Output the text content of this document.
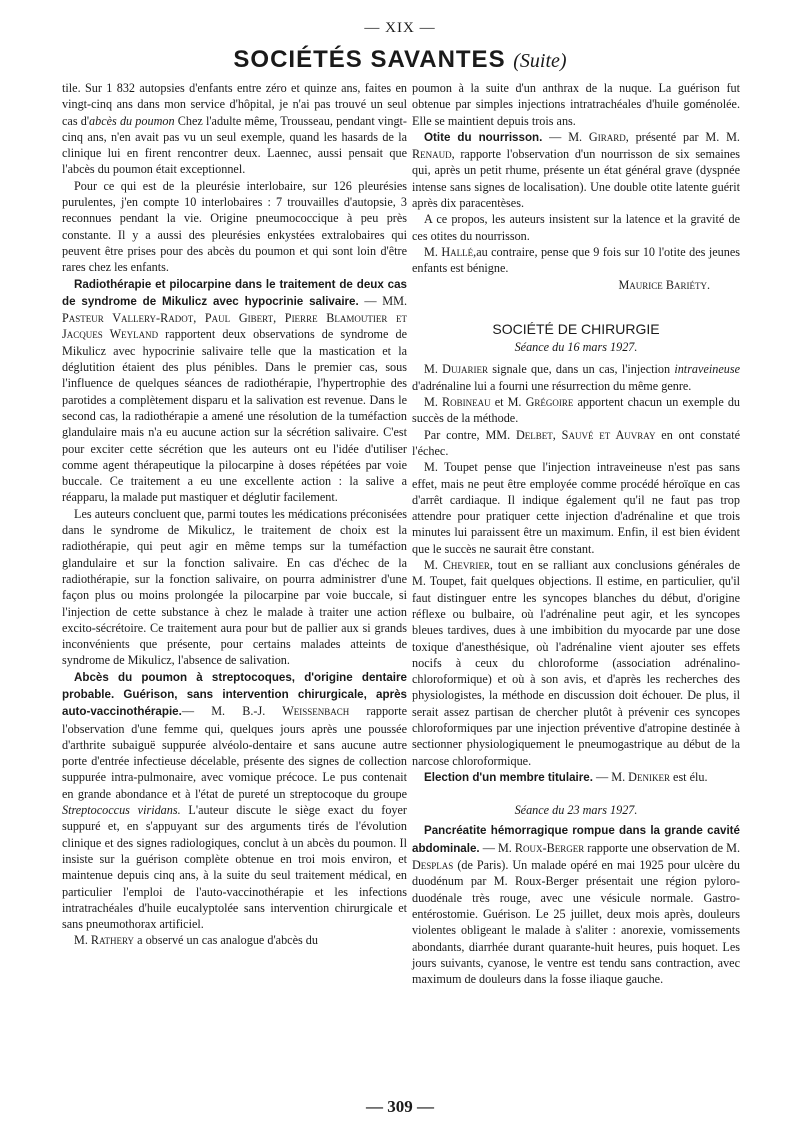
— XIX —
SOCIÉTÉS SAVANTES (Suite)

tile. Sur 1 832 autopsies d'enfants entre zéro et quinze ans, faites en vingt-cinq ans dans mon service d'hôpital, je n'ai pas trouvé un seul cas d'abcès du poumon Chez l'adulte même, Trousseau, pendant vingt-cinq ans, n'en avait pas vu un seul exemple, quand les hasards de la clinique lui en firent rencontrer deux. Laennec, aussi pensait que l'abcès du poumon était exceptionnel.

Pour ce qui est de la pleurésie interlobaire, sur 126 pleurésies purulentes, j'en compte 10 interlobaires : 7 trouvailles d'autopsie, 3 reconnues pendant la vie. Origine pneumococcique à peu près constante. Il y a aussi des pleurésies enkystées extralobaires qui peuvent être prises pour des abcès du poumon et qui sont loin d'être rares chez les enfants.

Radiothérapie et pilocarpine dans le traitement de deux cas de syndrome de Mikulicz avec hypocrinie salivaire. — MM. Pasteur Vallery-Radot, Paul Gibert, Pierre Blamoutier et Jacques Weyland rapportent deux observations de syndrome de Mikulicz avec hypocrinie salivaire telle que la mastication et la déglutition étaient des plus pénibles. Dans le premier cas, sous l'influence de quelques séances de radiothérapie, l'hypertrophie des parotides a complètement disparu et la salivation est revenue. Dans le second cas, la radiothérapie a amené une résolution de la tuméfaction glandulaire mais n'a eu aucune action sur la sécrétion salivaire. C'est pour exciter cette sécrétion que les auteurs ont eu l'idée d'utiliser comme agent thérapeutique la pilocarpine à doses répétées par voie buccale. Ce traitement a eu une excellente action : la salive a réapparu, la malade put mastiquer et déglutir facilement.

Les auteurs concluent que, parmi toutes les médications préconisées dans le syndrome de Mikulicz, le traitement de choix est la radiothérapie, qui peut agir en même temps sur la tuméfaction glandulaire et sur la fonction salivaire. En cas d'échec de la radiothérapie, sur la fonction salivaire, on pourra administrer d'une façon plus ou moins prolongée la pilocarpine par voie buccale, si l'injection de cette substance à chez le malade à traiter une action excito-sécrétoire. Ce traitement aura pour but de pallier aux si grands inconvénients que présente, pour certains malades atteints de syndrome de Mikulicz, l'absence de salivation.

Abcès du poumon à streptocoques, d'origine dentaire probable. Guérison, sans intervention chirurgicale, après auto-vaccinothérapie.— M. B.-J. Weissenbach rapporte l'observation d'une femme qui, quelques jours après une poussée d'arthrite subaiguë suppurée alvéolo-dentaire et sans aucune autre porte d'entrée infectieuse décelable, présente des signes de collection suppurée intra-pulmonaire, avec vomique précoce. Le pus contenait en grande abondance et à l'état de pureté un streptocoque du groupe Streptococcus viridans. L'auteur discute le siège exact du foyer suppuré et, en s'appuyant sur des arguments tirés de l'évolution clinique et des signes radiologiques, conclut à un abcès du poumon. Il insiste sur la guérison complète obtenue en troi mois environ, et maintenue depuis cinq ans, à la suite du seul traitement médical, en particulier l'emploi de l'auto-vaccinothérapie et les infections intratrachéales d'huile eucalyptolée sans intervention chirurgicale et sans pneumothorax artificiel.

M. Rathery a observé un cas analogue d'abcès du

poumon à la suite d'un anthrax de la nuque. La guérison fut obtenue par simples injections intratrachéales d'huile goménolée. Elle se maintient depuis trois ans.

Otite du nourrisson. — M. Girard, présenté par M. M. Renaud, rapporte l'observation d'un nourrisson de six semaines qui, après un petit rhume, présente un état général grave (dyspnée intense sans signes de localisation). Une double otite latente guérit après dix paracentèses.

A ce propos, les auteurs insistent sur la latence et la gravité de ces otites du nourrisson.

M. Hallé,au contraire, pense que 9 fois sur 10 l'otite des jeunes enfants est bénigne.

Maurice Bariéty.

SOCIÉTÉ DE CHIRURGIE
Séance du 16 mars 1927.

M. Dujarier signale que, dans un cas, l'injection intraveineuse d'adrénaline lui a fourni une résurrection du même genre.

M. Robineau et M. Grégoire apportent chacun un exemple du succès de la méthode.

Par contre, MM. Delbet, Sauvé et Auvray en ont constaté l'échec.

M. Toupet pense que l'injection intraveineuse n'est pas sans effet, mais ne peut être employée comme procédé héroïque en cas d'arrêt cardiaque. Il indique également qu'il ne faut pas trop attendre pour pratiquer cette injection d'adrénaline et que trois minutes lui paraissent être un maximum. Enfin, il est bien évident que le succès ne saurait être constant.

M. Chevrier, tout en se ralliant aux conclusions générales de M. Toupet, fait quelques objections. Il estime, en particulier, qu'il faut distinguer entre les syncopes blanches du début, d'origine réflexe ou bulbaire, où l'adrénaline peut agir, et les syncopes bleues tardives, dues à une imbibition du myocarde par une dose toxique d'anesthésique, où l'adrénaline vient ajouter ses effets nocifs à ceux du chloroforme (association adrénalino-chloroformique) et où à son avis, et d'après les recherches des physiologistes, la méthode en discussion doit échouer. De plus, il serait assez partisan de chercher plutôt à prévenir ces syncopes chloroformiques par une injection préventive d'atropine destinée à sectionner physiologiquement le pneumogastrique au début de la narcose chloroformique.

Election d'un membre titulaire. — M. Deniker est élu.

Séance du 23 mars 1927.

Pancréatite hémorragique rompue dans la grande cavité abdominale. — M. Roux-Berger rapporte une observation de M. Desplas (de Paris). Un malade opéré en mai 1925 pour ulcère du duodénum par M. Roux-Berger présentait une région pyloro-duodénale très rouge, avec une vésicule normale. Gastro-entérostomie. Guérison. Le 25 juillet, deux mois après, douleurs violentes obligeant le malade à s'aliter : anorexie, vomissements abondants, diarrhée durant quarante-huit heures, puis hoquet. Les jours suivants, cyanose, le ventre est tendu sans contraction, avec maximum de douleurs dans la fosse iliaque gauche.

— 309 —
